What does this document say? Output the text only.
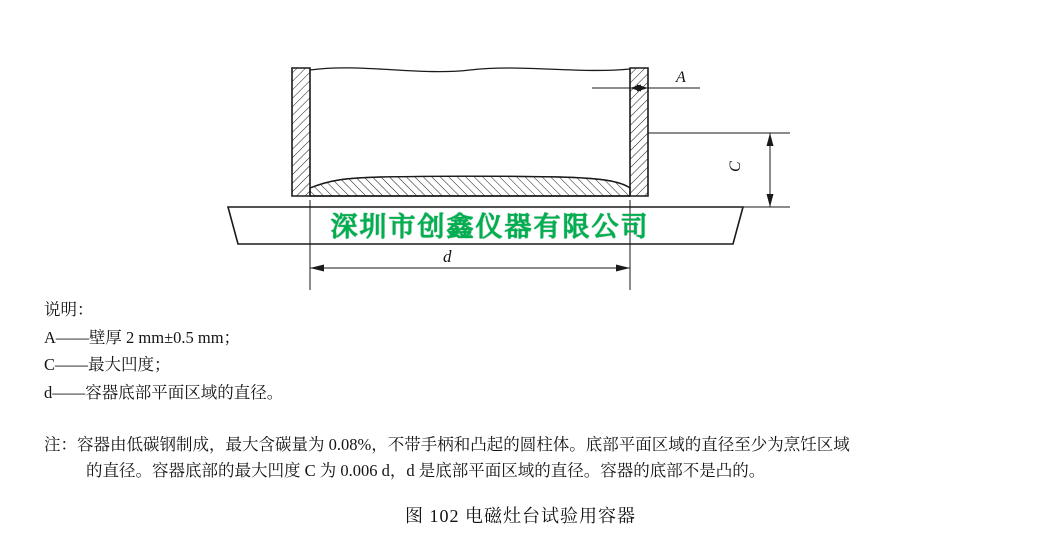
A
C
d
深圳市创鑫仪器有限公司

说明：

A——壁厚 2 mm±0.5 mm；

C——最大凹度；

d——容器底部平面区域的直径。

注：容器由低碳钢制成，最大含碳量为 0.08%，不带手柄和凸起的圆柱体。底部平面区域的直径至少为烹饪区域

的直径。容器底部的最大凹度 C 为 0.006 d，d 是底部平面区域的直径。容器的底部不是凸的。

图 102 电磁灶台试验用容器
